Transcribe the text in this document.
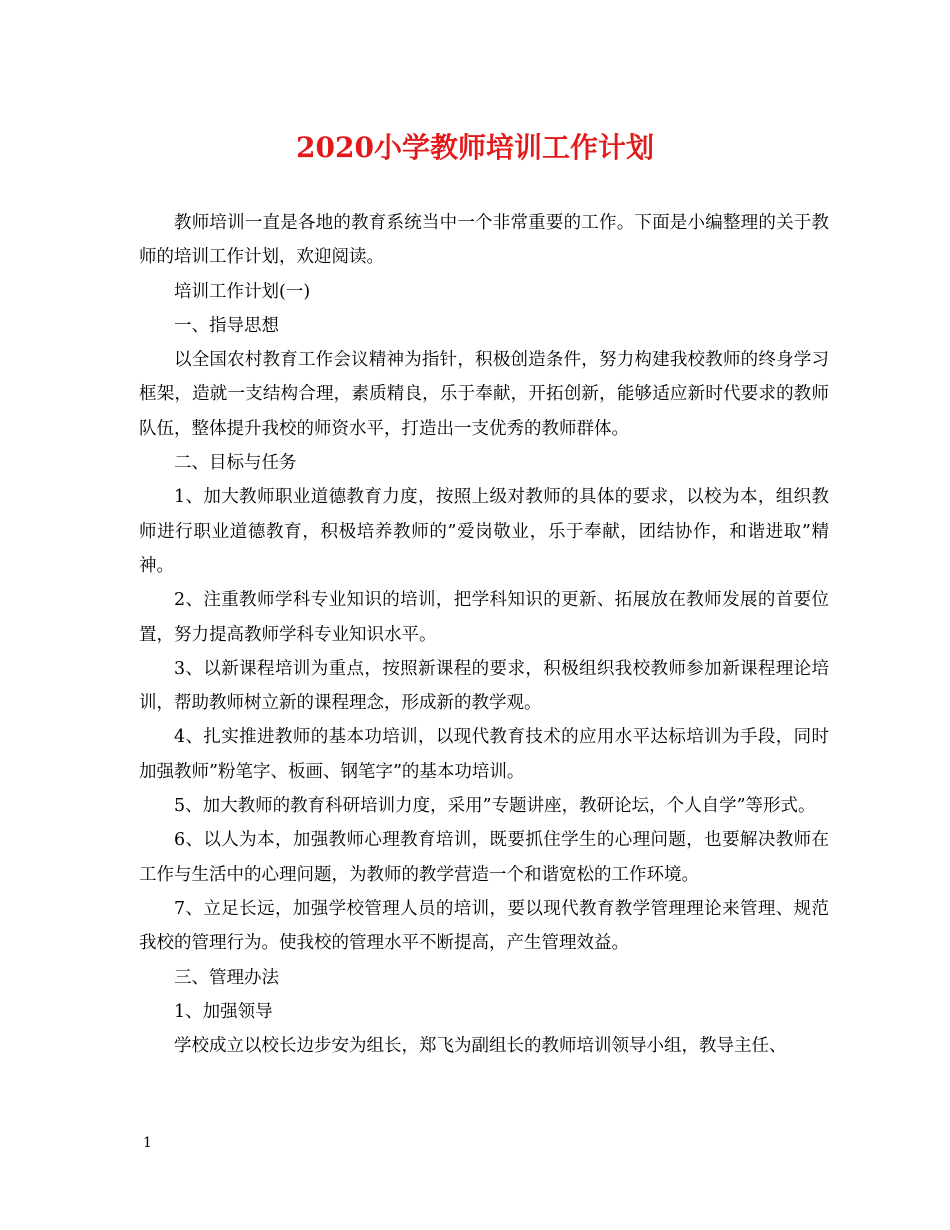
2020小学教师培训工作计划

教师培训一直是各地的教育系统当中一个非常重要的工作。下面是小编整理的关于教师的培训工作计划，欢迎阅读。

培训工作计划(一)

一、指导思想

以全国农村教育工作会议精神为指针，积极创造条件，努力构建我校教师的终身学习框架，造就一支结构合理，素质精良，乐于奉献，开拓创新，能够适应新时代要求的教师队伍，整体提升我校的师资水平，打造出一支优秀的教师群体。

二、目标与任务

1、加大教师职业道德教育力度，按照上级对教师的具体的要求，以校为本，组织教师进行职业道德教育，积极培养教师的”爱岗敬业，乐于奉献，团结协作，和谐进取”精神。

2、注重教师学科专业知识的培训，把学科知识的更新、拓展放在教师发展的首要位置，努力提高教师学科专业知识水平。

3、以新课程培训为重点，按照新课程的要求，积极组织我校教师参加新课程理论培训，帮助教师树立新的课程理念，形成新的教学观。

4、扎实推进教师的基本功培训，以现代教育技术的应用水平达标培训为手段，同时加强教师”粉笔字、板画、钢笔字”的基本功培训。

5、加大教师的教育科研培训力度，采用”专题讲座，教研论坛，个人自学”等形式。

6、以人为本，加强教师心理教育培训，既要抓住学生的心理问题，也要解决教师在工作与生活中的心理问题，为教师的教学营造一个和谐宽松的工作环境。

7、立足长远，加强学校管理人员的培训，要以现代教育教学管理理论来管理、规范我校的管理行为。使我校的管理水平不断提高，产生管理效益。

三、管理办法

1、加强领导

学校成立以校长边步安为组长，郑飞为副组长的教师培训领导小组，教导主任、

1
